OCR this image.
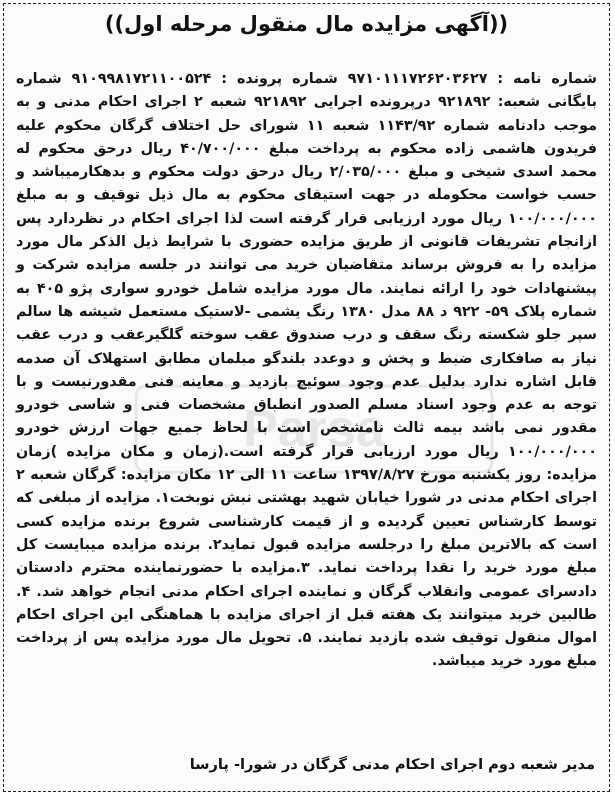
((آگهی مزایده مال منقول مرحله اول))
Parsa
شماره نامه : ۹۷۱۰۱۱۱۷۲۶۲۰۳۶۲۷ شماره پرونده : ۹۱۰۹۹۸۱۷۲۱۱۰۰۵۲۴ شماره بایگانی شعبه: ۹۲۱۸۹۲ درپرونده اجرایی ۹۲۱۸۹۲ شعبه ۲ اجرای احکام مدنی و به موجب دادنامه شماره ۱۱۴۳/۹۲ شعبه ۱۱ شورای حل اختلاف گرگان محکوم علیه فریدون هاشمی زاده محکوم به پرداخت مبلغ ۴۰/۷۰۰/۰۰۰ ریال درحق محکوم له محمد اسدی شیخی و مبلغ ۲/۰۳۵/۰۰۰ ریال درحق دولت محکوم و بدهکارمیباشد و حسب خواست محکومله در جهت استیفای محکوم به مال ذیل توقیف و به مبلغ ۱۰۰/۰۰۰/۰۰۰ ریال مورد ارزیابی قرار گرفته است لذا اجرای احکام در نظردارد پس ازانجام تشریفات قانونی از طریق مزایده حضوری با شرایط ذیل الذکر مال مورد مزایده را به فروش برساند متقاضیان خرید می توانند در جلسه مزایده شرکت و پیشنهادات خود را ارائه نمایند. مال مورد مزایده شامل خودرو سواری پژو ۴۰۵ به شماره پلاک ۵۹- ۹۲۲ د ۸۸ مدل ۱۳۸۰ رنگ یشمی -لاستیک مستعمل شیشه ها سالم سپر جلو شکسته رنگ سقف و درب صندوق عقب سوخته گلگیرعقب و درب عقب نیاز به صافکاری ضبط و پخش و دوعدد بلندگو مبلمان مطابق استهلاک آن صدمه قابل اشاره ندارد بدلیل عدم وجود سوئیچ بازدید و معاینه فنی مقدورنیست و با توجه به عدم وجود اسناد مسلم الصدور انطباق مشخصات فنی و شاسی خودرو مقدور نمی باشد بیمه ثالث نامشخص است با لحاظ جمیع جهات ارزش خودرو ۱۰۰/۰۰۰/۰۰۰ ریال مورد ارزیابی قرار گرفته است.(زمان و مکان مزایده )زمان مزایده: روز یکشنبه مورخ ۱۳۹۷/۸/۲۷ ساعت ۱۱ الی ۱۲ مکان مزایده: گرگان شعبه ۲ اجرای احکام مدنی در شورا خیابان شهید بهشتی نبش نوبخت۱. مزایده از مبلغی که توسط کارشناس تعیین گردیده و از قیمت کارشناسی شروع برنده مزایده کسی است که بالاترین مبلغ را درجلسه مزایده قبول نماید۲. برنده مزایده میبایست کل مبلغ مورد خرید را نقدا پرداخت نماید. ۳.مزایده با حضورنماینده محترم دادستان دادسرای عمومی وانقلاب گرگان و نماینده اجرای احکام مدنی انجام خواهد شد. ۴. طالبین خرید میتوانند یک هفته قبل از اجرای مزایده با هماهنگی این اجرای احکام اموال منقول توقیف شده بازدید نمایند. ۵. تحویل مال مورد مزایده پس از پرداخت مبلغ مورد خرید میباشد.
مدیر شعبه دوم اجرای احکام مدنی گرگان در شورا- پارسا
